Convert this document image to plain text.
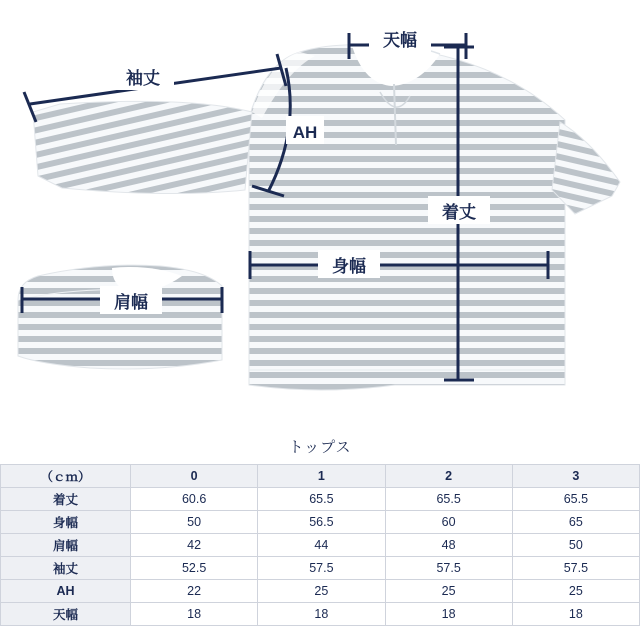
袖丈
天幅
AH
着丈
身幅
肩幅
トップス
（ｃｍ）	0	1	2	3
着丈	60.6	65.5	65.5	65.5
身幅	50	56.5	60	65
肩幅	42	44	48	50
袖丈	52.5	57.5	57.5	57.5
AH	22	25	25	25
天幅	18	18	18	18
